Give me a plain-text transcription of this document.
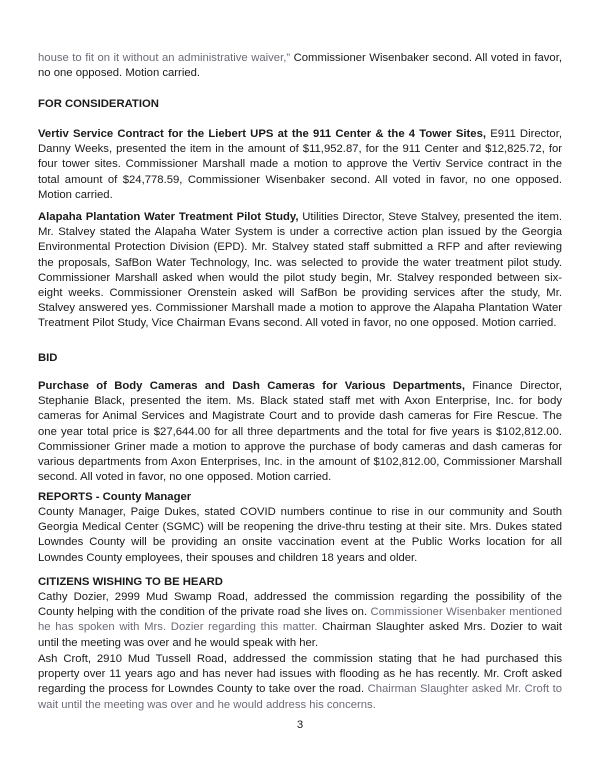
house to fit on it without an administrative waiver,” Commissioner Wisenbaker second. All voted in favor, no one opposed. Motion carried.

FOR CONSIDERATION

Vertiv Service Contract for the Liebert UPS at the 911 Center & the 4 Tower Sites, E911 Director, Danny Weeks, presented the item in the amount of $11,952.87, for the 911 Center and $12,825.72, for four tower sites. Commissioner Marshall made a motion to approve the Vertiv Service contract in the total amount of $24,778.59, Commissioner Wisenbaker second. All voted in favor, no one opposed. Motion carried.

Alapaha Plantation Water Treatment Pilot Study, Utilities Director, Steve Stalvey, presented the item. Mr. Stalvey stated the Alapaha Water System is under a corrective action plan issued by the Georgia Environmental Protection Division (EPD). Mr. Stalvey stated staff submitted a RFP and after reviewing the proposals, SafBon Water Technology, Inc. was selected to provide the water treatment pilot study. Commissioner Marshall asked when would the pilot study begin, Mr. Stalvey responded between six-eight weeks. Commissioner Orenstein asked will SafBon be providing services after the study, Mr. Stalvey answered yes. Commissioner Marshall made a motion to approve the Alapaha Plantation Water Treatment Pilot Study, Vice Chairman Evans second. All voted in favor, no one opposed. Motion carried.

BID

Purchase of Body Cameras and Dash Cameras for Various Departments, Finance Director, Stephanie Black, presented the item. Ms. Black stated staff met with Axon Enterprise, Inc. for body cameras for Animal Services and Magistrate Court and to provide dash cameras for Fire Rescue. The one year total price is $27,644.00 for all three departments and the total for five years is $102,812.00. Commissioner Griner made a motion to approve the purchase of body cameras and dash cameras for various departments from Axon Enterprises, Inc. in the amount of $102,812.00, Commissioner Marshall second. All voted in favor, no one opposed. Motion carried.

REPORTS - County Manager

County Manager, Paige Dukes, stated COVID numbers continue to rise in our community and South Georgia Medical Center (SGMC) will be reopening the drive-thru testing at their site. Mrs. Dukes stated Lowndes County will be providing an onsite vaccination event at the Public Works location for all Lowndes County employees, their spouses and children 18 years and older.

CITIZENS WISHING TO BE HEARD

Cathy Dozier, 2999 Mud Swamp Road, addressed the commission regarding the possibility of the County helping with the condition of the private road she lives on. Commissioner Wisenbaker mentioned he has spoken with Mrs. Dozier regarding this matter. Chairman Slaughter asked Mrs. Dozier to wait until the meeting was over and he would speak with her.

Ash Croft, 2910 Mud Tussell Road, addressed the commission stating that he had purchased this property over 11 years ago and has never had issues with flooding as he has recently. Mr. Croft asked regarding the process for Lowndes County to take over the road. Chairman Slaughter asked Mr. Croft to wait until the meeting was over and he would address his concerns.

3
